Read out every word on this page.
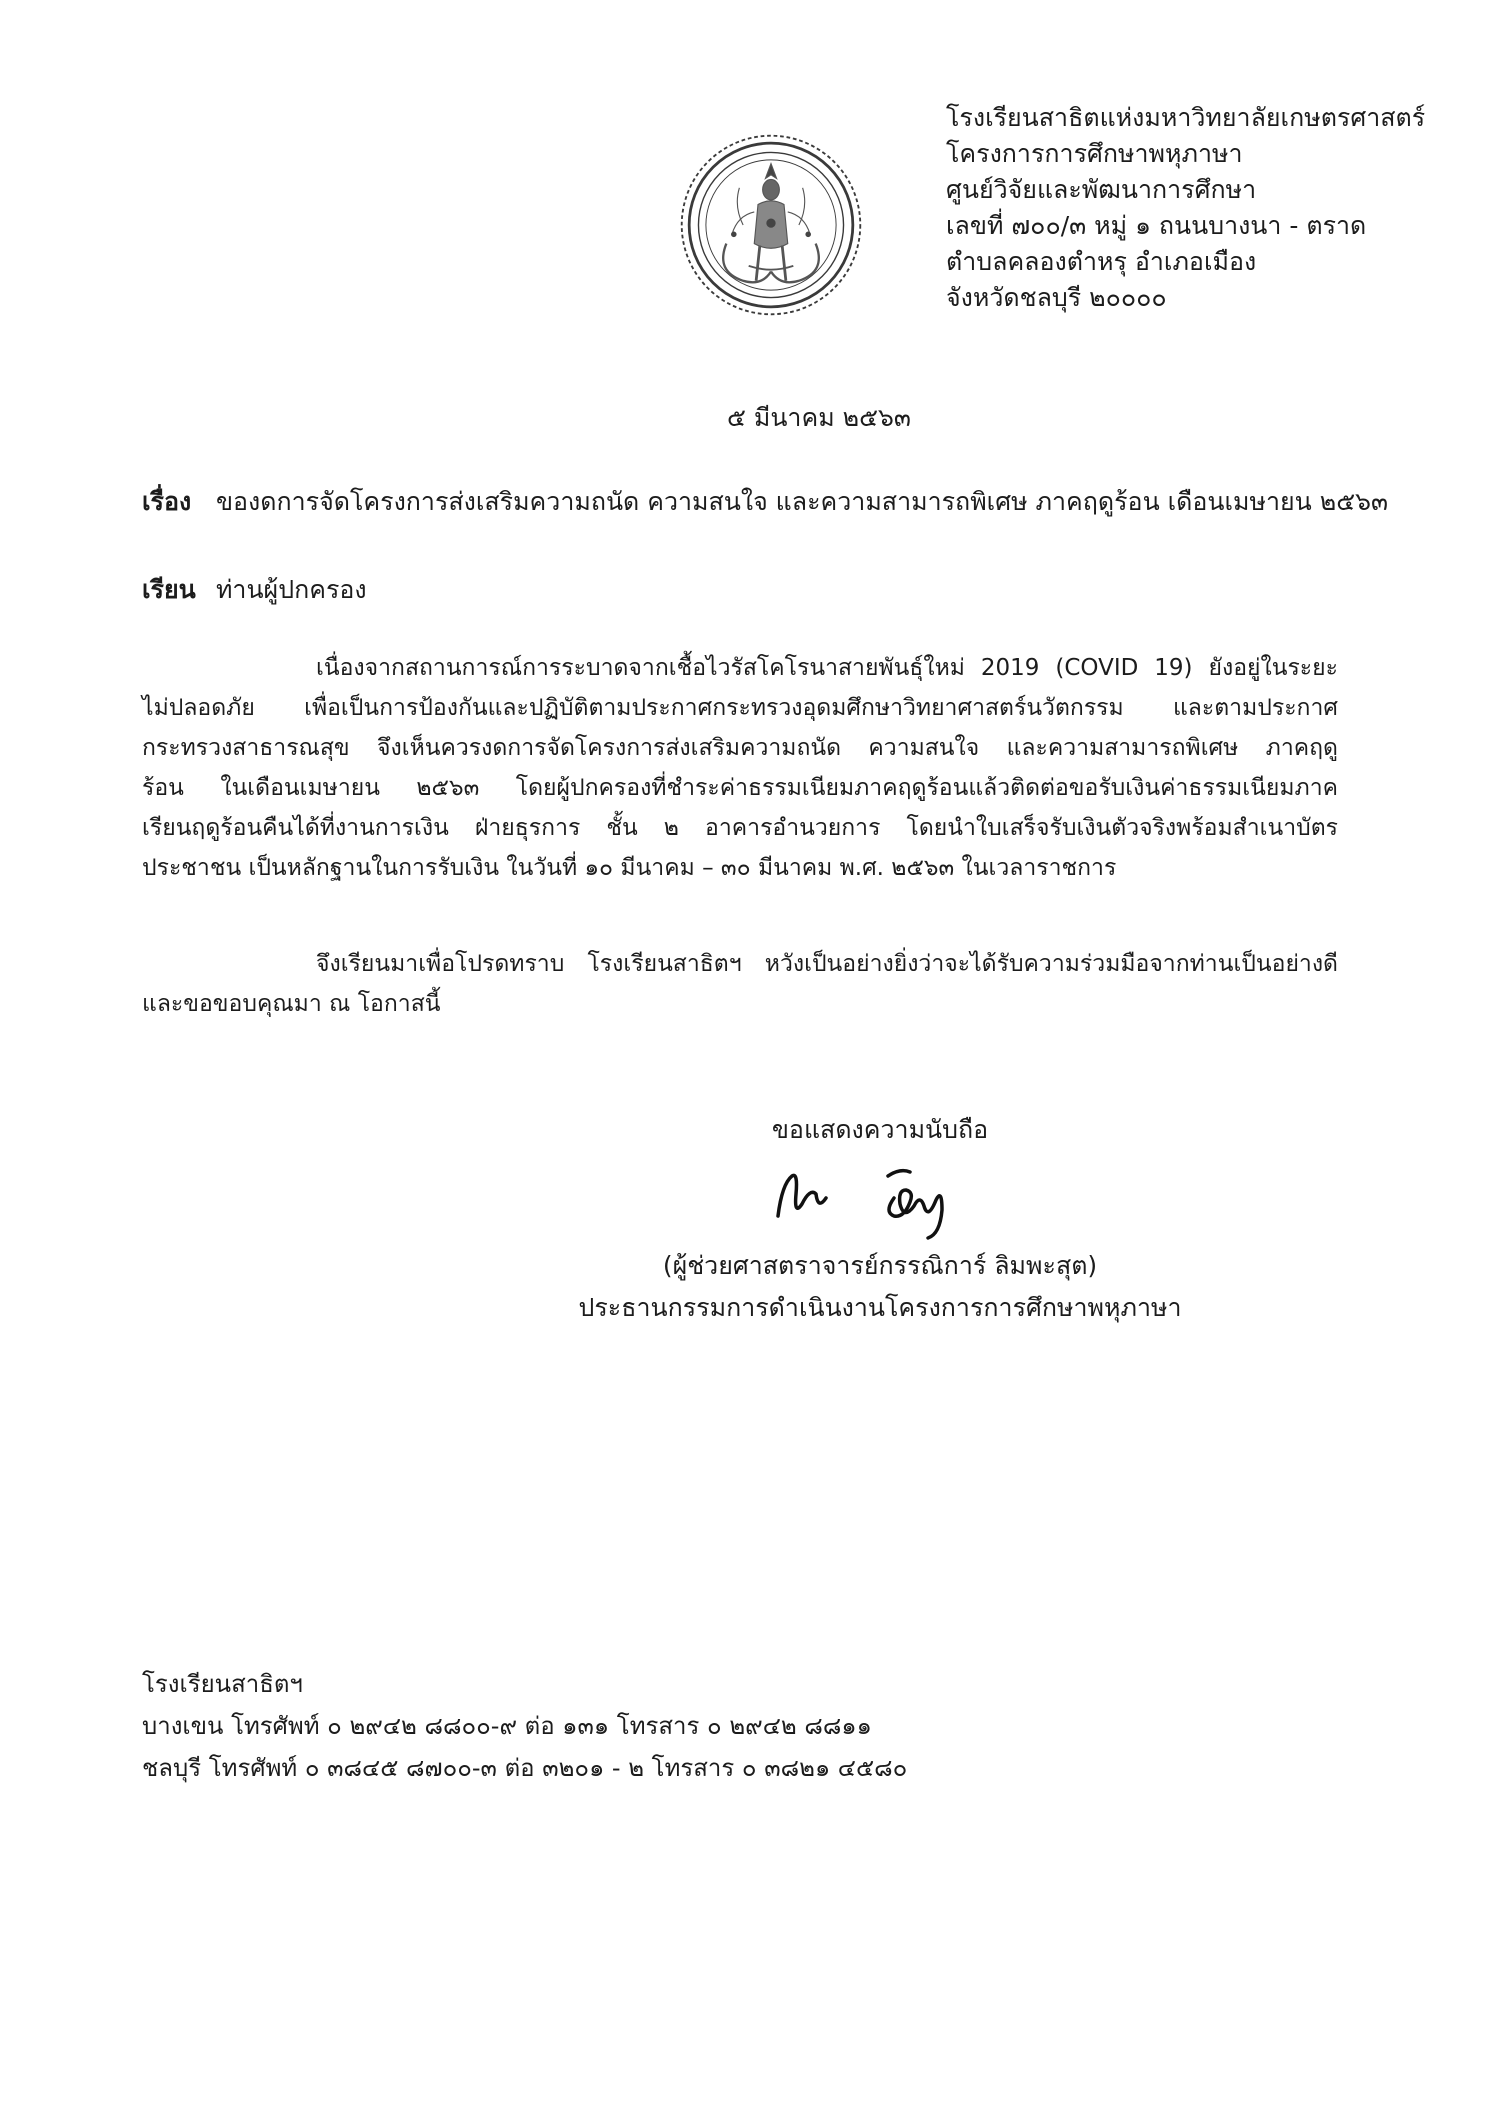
โรงเรียนสาธิตแห่งมหาวิทยาลัยเกษตรศาสตร์
โครงการการศึกษาพหุภาษา
ศูนย์วิจัยและพัฒนาการศึกษา
เลขที่ ๗๐๐/๓ หมู่ ๑ ถนนบางนา - ตราด
ตำบลคลองตำหรุ อำเภอเมือง
จังหวัดชลบุรี ๒๐๐๐๐
๕ มีนาคม ๒๕๖๓
เรื่อง ของดการจัดโครงการส่งเสริมความถนัด ความสนใจ และความสามารถพิเศษ ภาคฤดูร้อน เดือนเมษายน ๒๕๖๓
เรียน ท่านผู้ปกครอง
เนื่องจากสถานการณ์การระบาดจากเชื้อไวรัสโคโรนาสายพันธุ์ใหม่ 2019 (COVID 19) ยังอยู่ในระยะ
ไม่ปลอดภัย เพื่อเป็นการป้องกันและปฏิบัติตามประกาศกระทรวงอุดมศึกษาวิทยาศาสตร์นวัตกรรม และตามประกาศ
กระทรวงสาธารณสุข จึงเห็นควรงดการจัดโครงการส่งเสริมความถนัด ความสนใจ และความสามารถพิเศษ ภาคฤดู
ร้อน ในเดือนเมษายน ๒๕๖๓ โดยผู้ปกครองที่ชำระค่าธรรมเนียมภาคฤดูร้อนแล้วติดต่อขอรับเงินค่าธรรมเนียมภาค
เรียนฤดูร้อนคืนได้ที่งานการเงิน ฝ่ายธุรการ ชั้น ๒ อาคารอำนวยการ โดยนำใบเสร็จรับเงินตัวจริงพร้อมสำเนาบัตร
ประชาชน เป็นหลักฐานในการรับเงิน ในวันที่ ๑๐ มีนาคม – ๓๐ มีนาคม พ.ศ. ๒๕๖๓ ในเวลาราชการ
จึงเรียนมาเพื่อโปรดทราบ โรงเรียนสาธิตฯ หวังเป็นอย่างยิ่งว่าจะได้รับความร่วมมือจากท่านเป็นอย่างดี
และขอขอบคุณมา ณ โอกาสนี้
ขอแสดงความนับถือ
(ผู้ช่วยศาสตราจารย์กรรณิการ์ ลิมพะสุต)
ประธานกรรมการดำเนินงานโครงการการศึกษาพหุภาษา
โรงเรียนสาธิตฯ
บางเขน โทรศัพท์ ๐ ๒๙๔๒ ๘๘๐๐-๙ ต่อ ๑๓๑ โทรสาร ๐ ๒๙๔๒ ๘๘๑๑
ชลบุรี โทรศัพท์ ๐ ๓๘๔๕ ๘๗๐๐-๓ ต่อ ๓๒๐๑ - ๒ โทรสาร ๐ ๓๘๒๑ ๔๕๘๐
